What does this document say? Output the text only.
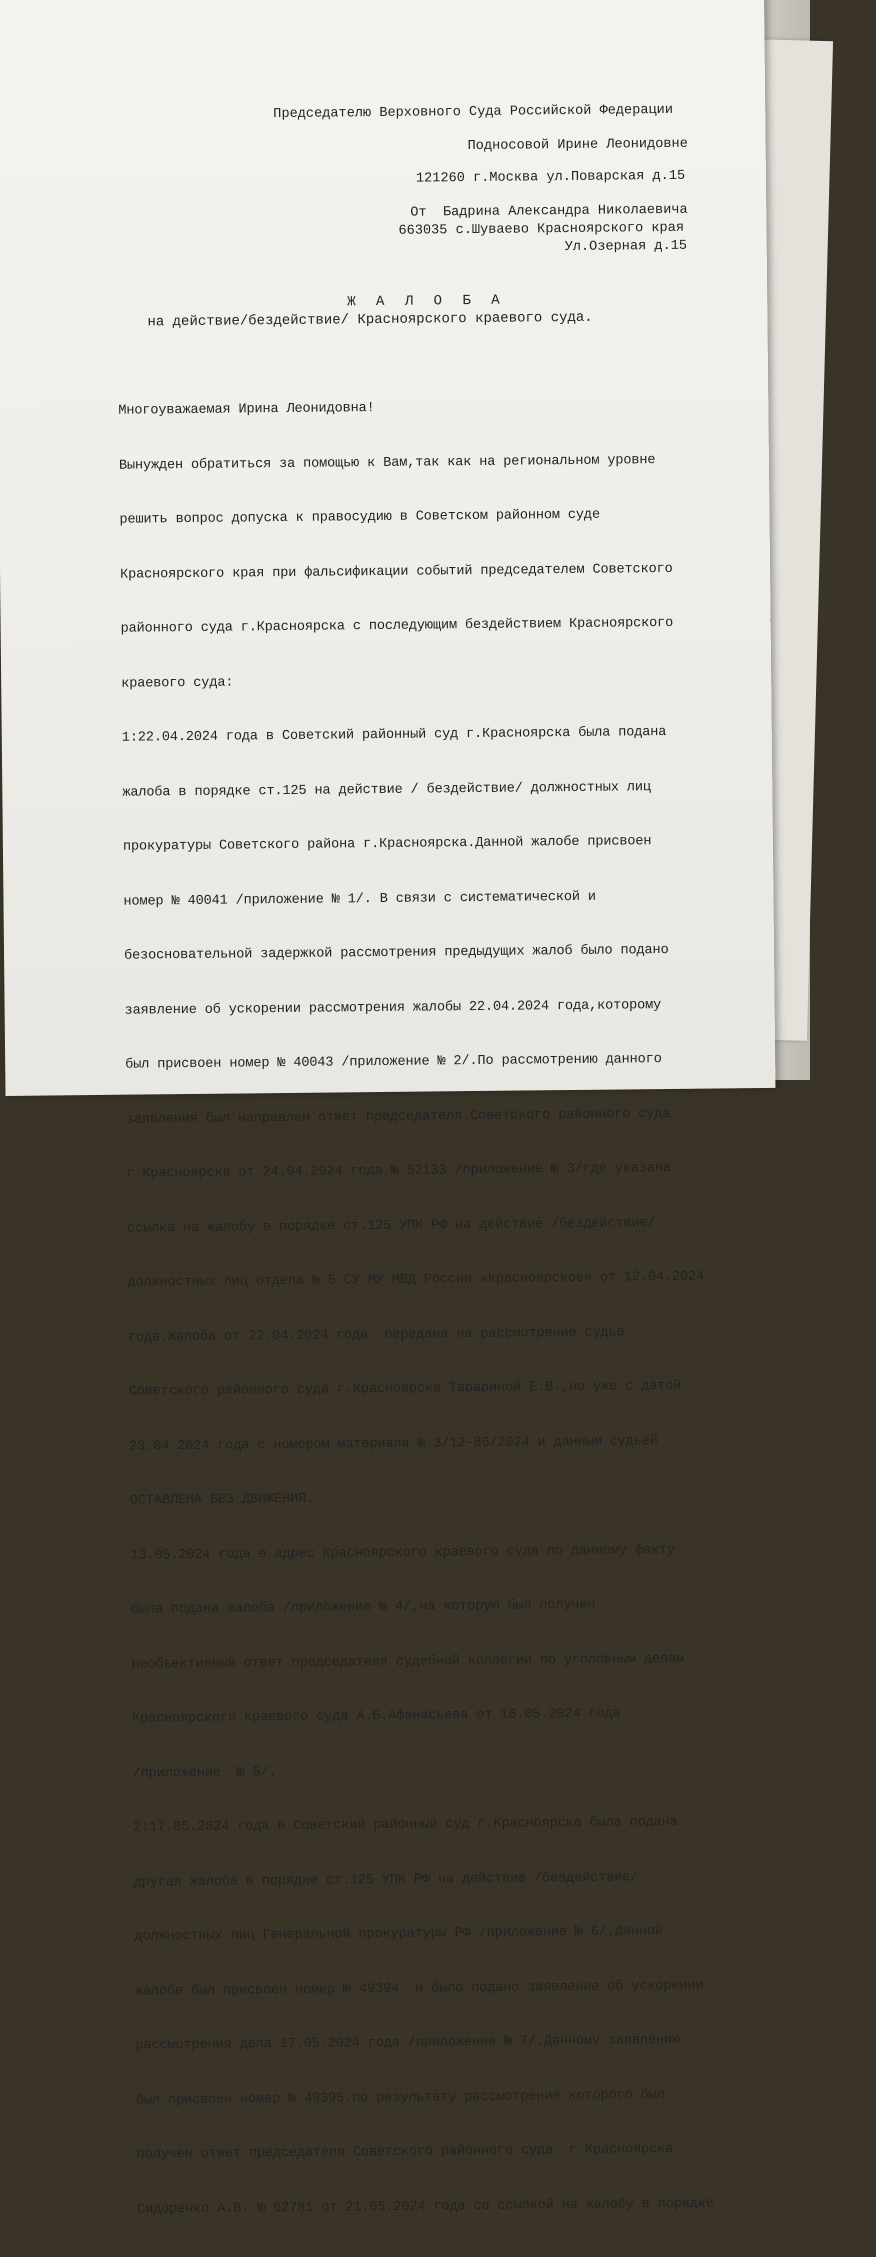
Председателю Верховного Суда Российской Федерации
Подносовой Ирине Леонидовне
121260 г.Москва ул.Поварская д.15
От  Бадрина Александра Николаевича
663035 с.Шуваево Красноярского края
Ул.Озерная д.15
Ж А Л О Б А
на действие/бездействие/ Красноярского краевого суда.

Многоуважаемая Ирина Леонидовна!

Вынужден обратиться за помощью к Вам,так как на региональном уровне

решить вопрос допуска к правосудию в Советском районном суде

Красноярского края при фальсификации событий председателем Советского

районного суда г.Красноярска с последующим бездействием Красноярского

краевого суда:

1:22.04.2024 года в Советский районный суд г.Красноярска была подана

жалоба в порядке ст.125 на действие / бездействие/ должностных лиц

прокуратуры Советского района г.Красноярска.Данной жалобе присвоен

номер № 40041 /приложение № 1/. В связи с систематической и

безосновательной задержкой рассмотрения предыдущих жалоб было подано

заявление об ускорении рассмотрения жалобы 22.04.2024 года,которому

был присвоен номер № 40043 /приложение № 2/.По рассмотрению данного

заявления был направлен ответ председателя Советского районного суда

г.Красноярска от 24.04.2024 года № 52133 /приложение № 3/где указана

ссылка на жалобу в порядке ст.125 УПК РФ на действие /бездействие/

должностных лиц отдела № 5 СУ МУ МВД России «Красноярское» от 12.04.2024

года.Жалоба от 22.04.2024 года  передана на рассмотрение судье

Советского районного суда г.Красноярска Тарариной Е.В.,но уже с датой

23.04.2024 года с номером материала № 3/12-86/2024 и данным судьей

ОСТАВЛЕНА БЕЗ ДВИЖЕНИЯ.

13.05.2024 года в адрес Красноярского краевого суда по данному факту

была подана жалоба /приложение № 4/,на которую был получен

необъективный ответ председателя судебной коллегии по уголовным делам

Красноярского краевого суда А.Б.Афанасьева от 16.05.2024 года

/приложение  № 5/.

2:17.05.2024 года в Советский районный суд г.Красноярска была подана

другая жалоба в порядке ст.125 УПК РФ на действие /бездействие/

должностных лиц Генеральной прокуратуры РФ /приложение № 6/.Данной

жалобе был присвоен номер № 49394  и было подано заявление об ускорении

рассмотрения дела 17.05.2024 года /приложение № 7/.Данному заявлению

был присвоен номер № 49395.по результату рассмотрения которого был

получен ответ председателя Советского районного суда  г.Красноярска

Сидоренко А.В. № 62781 от 21.05.2024 года со ссылкой на жалобу в порядке
